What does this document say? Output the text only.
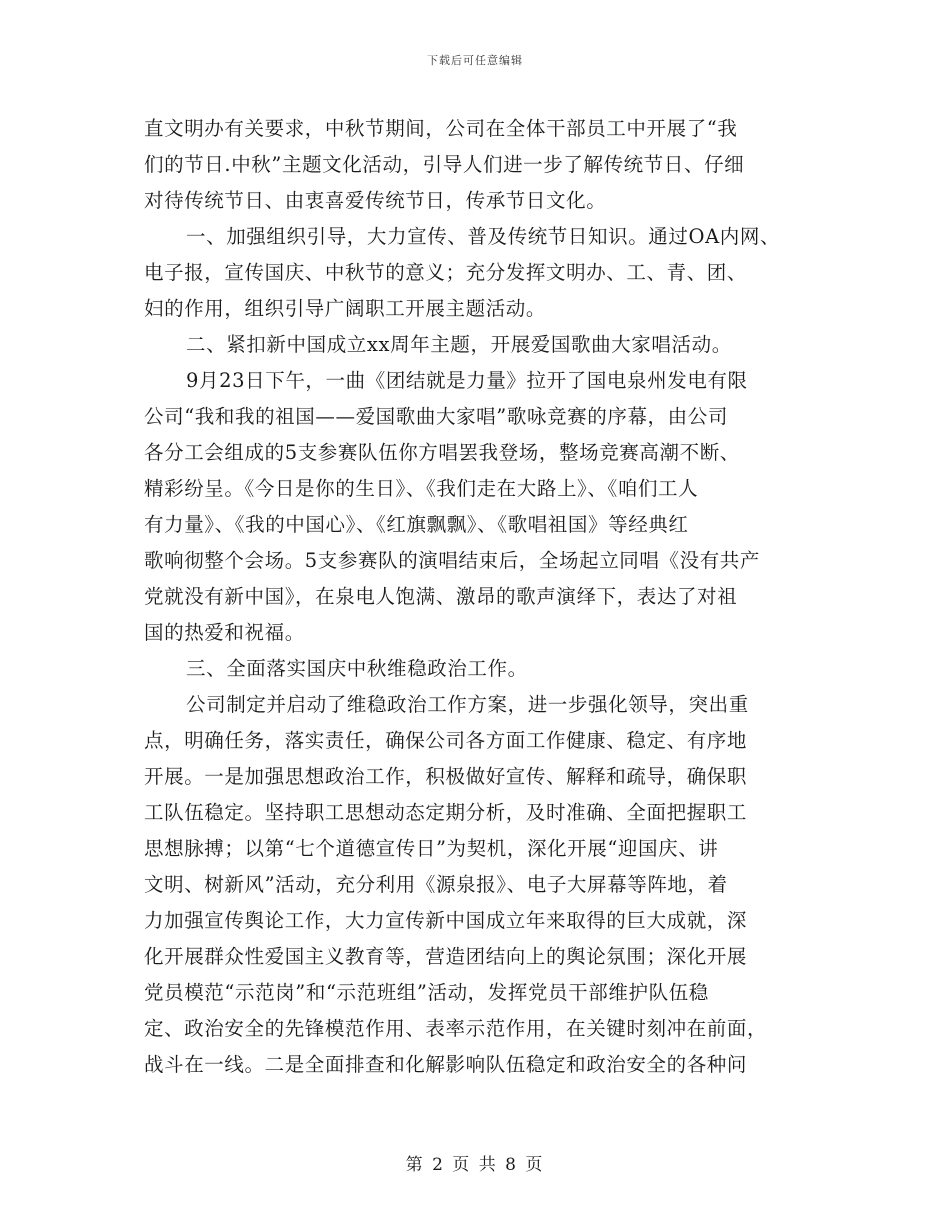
下载后可任意编辑
直文明办有关要求，中秋节期间，公司在全体干部员工中开展了“我
们的节日.中秋”主题文化活动，引导人们进一步了解传统节日、仔细
对待传统节日、由衷喜爱传统节日，传承节日文化。
一、加强组织引导，大力宣传、普及传统节日知识。通过OA内网、
电子报，宣传国庆、中秋节的意义；充分发挥文明办、工、青、团、
妇的作用，组织引导广阔职工开展主题活动。
二、紧扣新中国成立xx周年主题，开展爱国歌曲大家唱活动。
9月23日下午，一曲《团结就是力量》拉开了国电泉州发电有限
公司“我和我的祖国——爱国歌曲大家唱”歌咏竞赛的序幕，由公司
各分工会组成的5支参赛队伍你方唱罢我登场，整场竞赛高潮不断、
精彩纷呈。《今日是你的生日》、《我们走在大路上》、《咱们工人
有力量》、《我的中国心》、《红旗飘飘》、《歌唱祖国》等经典红
歌响彻整个会场。5支参赛队的演唱结束后，全场起立同唱《没有共产
党就没有新中国》，在泉电人饱满、激昂的歌声演绎下，表达了对祖
国的热爱和祝福。
三、全面落实国庆中秋维稳政治工作。
公司制定并启动了维稳政治工作方案，进一步强化领导，突出重
点，明确任务，落实责任，确保公司各方面工作健康、稳定、有序地
开展。一是加强思想政治工作，积极做好宣传、解释和疏导，确保职
工队伍稳定。坚持职工思想动态定期分析，及时准确、全面把握职工
思想脉搏；以第“七个道德宣传日”为契机，深化开展“迎国庆、讲
文明、树新风”活动，充分利用《源泉报》、电子大屏幕等阵地，着
力加强宣传舆论工作，大力宣传新中国成立年来取得的巨大成就，深
化开展群众性爱国主义教育等，营造团结向上的舆论氛围；深化开展
党员模范“示范岗”和“示范班组”活动，发挥党员干部维护队伍稳
定、政治安全的先锋模范作用、表率示范作用，在关键时刻冲在前面，
战斗在一线。二是全面排查和化解影响队伍稳定和政治安全的各种问
第 2 页 共 8 页
